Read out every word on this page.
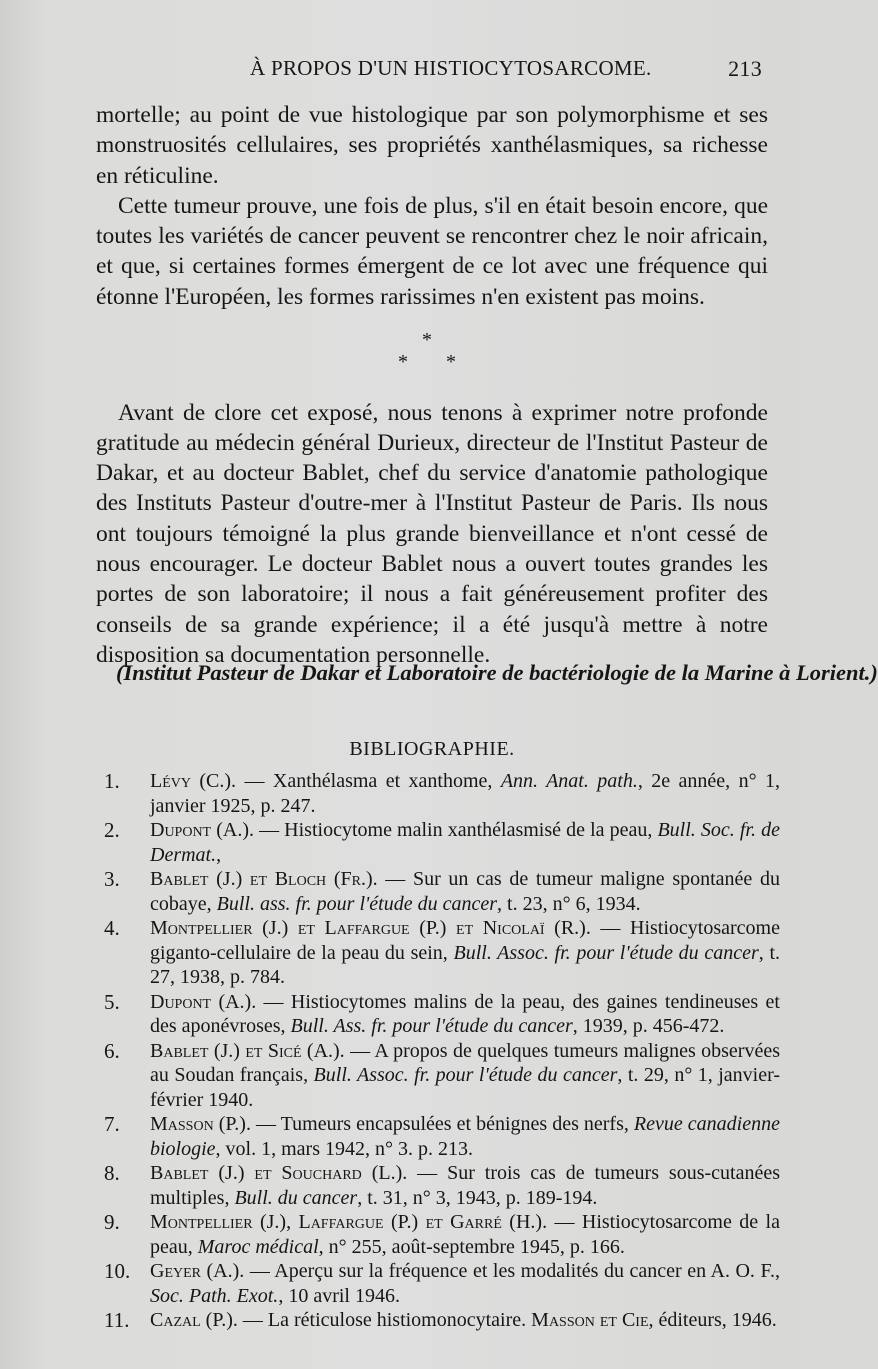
À PROPOS D'UN HISTIOCYTOSARCOME.	213

mortelle; au point de vue histologique par son polymorphisme et ses monstruosités cellulaires, ses propriétés xanthélasmiques, sa richesse en réticuline.

Cette tumeur prouve, une fois de plus, s'il en était besoin encore, que toutes les variétés de cancer peuvent se rencontrer chez le noir africain, et que, si certaines formes émergent de ce lot avec une fréquence qui étonne l'Européen, les formes rarissimes n'en existent pas moins.

*
* *

Avant de clore cet exposé, nous tenons à exprimer notre profonde gratitude au médecin général Durieux, directeur de l'Institut Pasteur de Dakar, et au docteur Bablet, chef du service d'anatomie pathologique des Instituts Pasteur d'outre-mer à l'Institut Pasteur de Paris. Ils nous ont toujours témoigné la plus grande bienveillance et n'ont cessé de nous encourager. Le docteur Bablet nous a ouvert toutes grandes les portes de son laboratoire; il nous a fait généreusement profiter des conseils de sa grande expérience; il a été jusqu'à mettre à notre disposition sa documentation personnelle.

(Institut Pasteur de Dakar et Laboratoire de bactériologie de la Marine à Lorient.)
BIBLIOGRAPHIE.
1. Lévy (C.). — Xanthélasma et xanthome, Ann. Anat. path., 2e année, n° 1, janvier 1925, p. 247.
2. Dupont (A.). — Histiocytome malin xanthélasmisé de la peau, Bull. Soc. fr. de Dermat.,
3. Bablet (J.) et Bloch (Fr.). — Sur un cas de tumeur maligne spontanée du cobaye, Bull. ass. fr. pour l'étude du cancer, t. 23, n° 6, 1934.
4. Montpellier (J.) et Laffargue (P.) et Nicolaï (R.). — Histiocytosarcome giganto-cellulaire de la peau du sein, Bull. Assoc. fr. pour l'étude du cancer, t. 27, 1938, p. 784.
5. Dupont (A.). — Histiocytomes malins de la peau, des gaines tendineuses et des aponévroses, Bull. Ass. fr. pour l'étude du cancer, 1939, p. 456-472.
6. Bablet (J.) et Sicé (A.). — A propos de quelques tumeurs malignes observées au Soudan français, Bull. Assoc. fr. pour l'étude du cancer, t. 29, n° 1, janvier-février 1940.
7. Masson (P.). — Tumeurs encapsulées et bénignes des nerfs, Revue canadienne biologie, vol. 1, mars 1942, n° 3. p. 213.
8. Bablet (J.) et Souchard (L.). — Sur trois cas de tumeurs sous-cutanées multiples, Bull. du cancer, t. 31, n° 3, 1943, p. 189-194.
9. Montpellier (J.), Laffargue (P.) et Garré (H.). — Histiocytosarcome de la peau, Maroc médical, n° 255, août-septembre 1945, p. 166.
10. Geyer (A.). — Aperçu sur la fréquence et les modalités du cancer en A. O. F., Soc. Path. Exot., 10 avril 1946.
11. Cazal (P.). — La réticulose histiomonocytaire. Masson et Cie, éditeurs, 1946.
